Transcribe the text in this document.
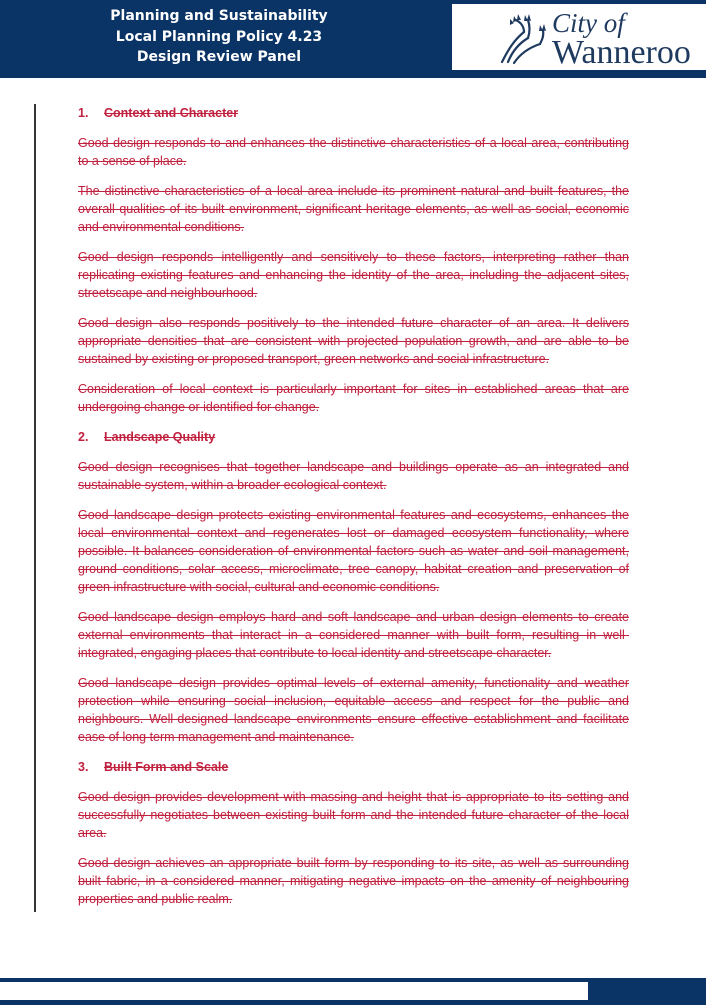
Planning and Sustainability
Local Planning Policy 4.23
Design Review Panel
City of
Wanneroo
1. Context and Character

Good design responds to and enhances the distinctive characteristics of a local area, contributing to a sense of place.

The distinctive characteristics of a local area include its prominent natural and built features, the overall qualities of its built environment, significant heritage elements, as well as social, economic and environmental conditions.

Good design responds intelligently and sensitively to these factors, interpreting rather than replicating existing features and enhancing the identity of the area, including the adjacent sites, streetscape and neighbourhood.

Good design also responds positively to the intended future character of an area. It delivers appropriate densities that are consistent with projected population growth, and are able to be sustained by existing or proposed transport, green networks and social infrastructure.

Consideration of local context is particularly important for sites in established areas that are undergoing change or identified for change.

2. Landscape Quality

Good design recognises that together landscape and buildings operate as an integrated and sustainable system, within a broader ecological context.

Good landscape design protects existing environmental features and ecosystems, enhances the local environmental context and regenerates lost or damaged ecosystem functionality, where possible. It balances consideration of environmental factors such as water and soil management, ground conditions, solar access, microclimate, tree canopy, habitat creation and preservation of green infrastructure with social, cultural and economic conditions.

Good landscape design employs hard and soft landscape and urban design elements to create external environments that interact in a considered manner with built form, resulting in well-integrated, engaging places that contribute to local identity and streetscape character.

Good landscape design provides optimal levels of external amenity, functionality and weather protection while ensuring social inclusion, equitable access and respect for the public and neighbours. Well-designed landscape environments ensure effective establishment and facilitate ease of long term management and maintenance.

3. Built Form and Scale

Good design provides development with massing and height that is appropriate to its setting and successfully negotiates between existing built form and the intended future character of the local area.

Good design achieves an appropriate built form by responding to its site, as well as surrounding built fabric, in a considered manner, mitigating negative impacts on the amenity of neighbouring properties and public realm.
